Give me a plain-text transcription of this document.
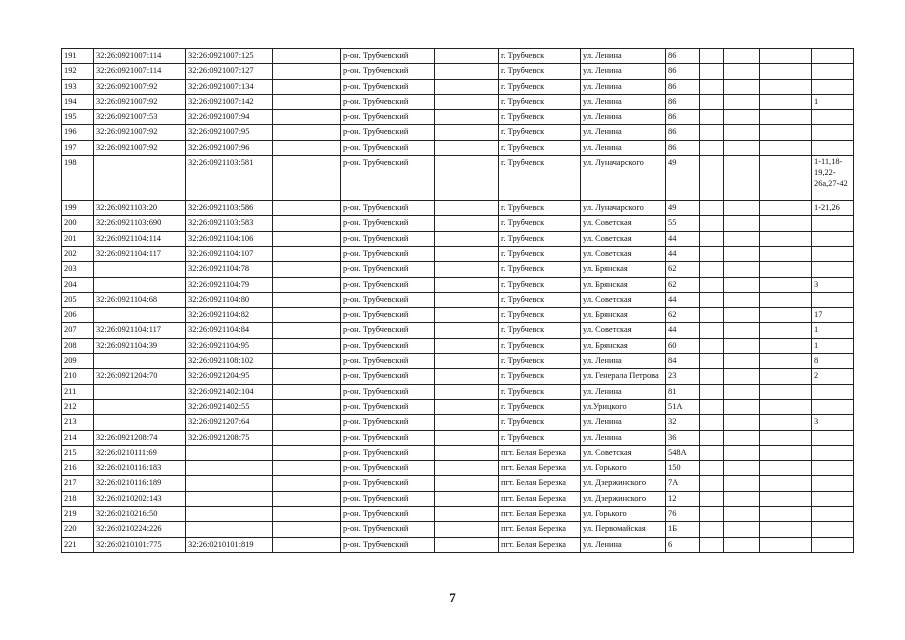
191	32:26:0921007:114	32:26:0921007:125		р-он. Трубчевский		г. Трубчевск	ул. Ленина	86				
192	32:26:0921007:114	32:26:0921007:127		р-он. Трубчевский		г. Трубчевск	ул. Ленина	86				
193	32:26:0921007:92	32:26:0921007:134		р-он. Трубчевский		г. Трубчевск	ул. Ленина	86				
194	32:26:0921007:92	32:26:0921007:142		р-он. Трубчевский		г. Трубчевск	ул. Ленина	86				1
195	32:26:0921007:53	32:26:0921007:94		р-он. Трубчевский		г. Трубчевск	ул. Ленина	86				
196	32:26:0921007:92	32:26:0921007:95		р-он. Трубчевский		г. Трубчевск	ул. Ленина	86				
197	32:26:0921007:92	32:26:0921007:96		р-он. Трубчевский		г. Трубчевск	ул. Ленина	86				
198		32:26:0921103:581		р-он. Трубчевский		г. Трубчевск	ул. Луначарского	49				1-11,18-19,22-26а,27-42
199	32:26:0921103:20	32:26:0921103:586		р-он. Трубчевский		г. Трубчевск	ул. Луначарского	49				1-21,26
200	32:26:0921103:690	32:26:0921103:583		р-он. Трубчевский		г. Трубчевск	ул. Советская	55				
201	32:26:0921104:114	32:26:0921104:106		р-он. Трубчевский		г. Трубчевск	ул. Советская	44				
202	32:26:0921104:117	32:26:0921104:107		р-он. Трубчевский		г. Трубчевск	ул. Советская	44				
203		32:26:0921104:78		р-он. Трубчевский		г. Трубчевск	ул. Брянская	62				
204		32:26:0921104:79		р-он. Трубчевский		г. Трубчевск	ул. Брянская	62				3
205	32:26:0921104:68	32:26:0921104:80		р-он. Трубчевский		г. Трубчевск	ул. Советская	44				
206		32:26:0921104:82		р-он. Трубчевский		г. Трубчевск	ул. Брянская	62				17
207	32:26:0921104:117	32:26:0921104:84		р-он. Трубчевский		г. Трубчевск	ул. Советская	44				1
208	32:26:0921104:39	32:26:0921104:95		р-он. Трубчевский		г. Трубчевск	ул. Брянская	60				1
209		32:26:0921108:102		р-он. Трубчевский		г. Трубчевск	ул. Ленина	84				8
210	32:26:0921204:70	32:26:0921204:95		р-он. Трубчевский		г. Трубчевск	ул. Генерала Петрова	23				2
211		32:26:0921402:104		р-он. Трубчевский		г. Трубчевск	ул. Ленина	81				
212		32:26:0921402:55		р-он. Трубчевский		г. Трубчевск	ул.Урицкого	51А				
213		32:26:0921207:64		р-он. Трубчевский		г. Трубчевск	ул. Ленина	32				3
214	32:26:0921208:74	32:26:0921208:75		р-он. Трубчевский		г. Трубчевск	ул. Ленина	36				
215	32:26:0210111:69			р-он. Трубчевский		пгт. Белая Березка	ул. Советская	548А				
216	32:26:0210116:183			р-он. Трубчевский		пгт. Белая Березка	ул. Горького	150				
217	32:26:0210116:189			р-он. Трубчевский		пгт. Белая Березка	ул. Дзержинского	7А				
218	32:26:0210202:143			р-он. Трубчевский		пгт. Белая Березка	ул. Дзержинского	12				
219	32:26:0210216:50			р-он. Трубчевский		пгт. Белая Березка	ул. Горького	76				
220	32:26:0210224:226			р-он. Трубчевский		пгт. Белая Березка	ул. Первомайская	1Б				
221	32:26:0210101:775	32:26:0210101:819		р-он. Трубчевский		пгт. Белая Березка	ул. Ленина	6				
7
